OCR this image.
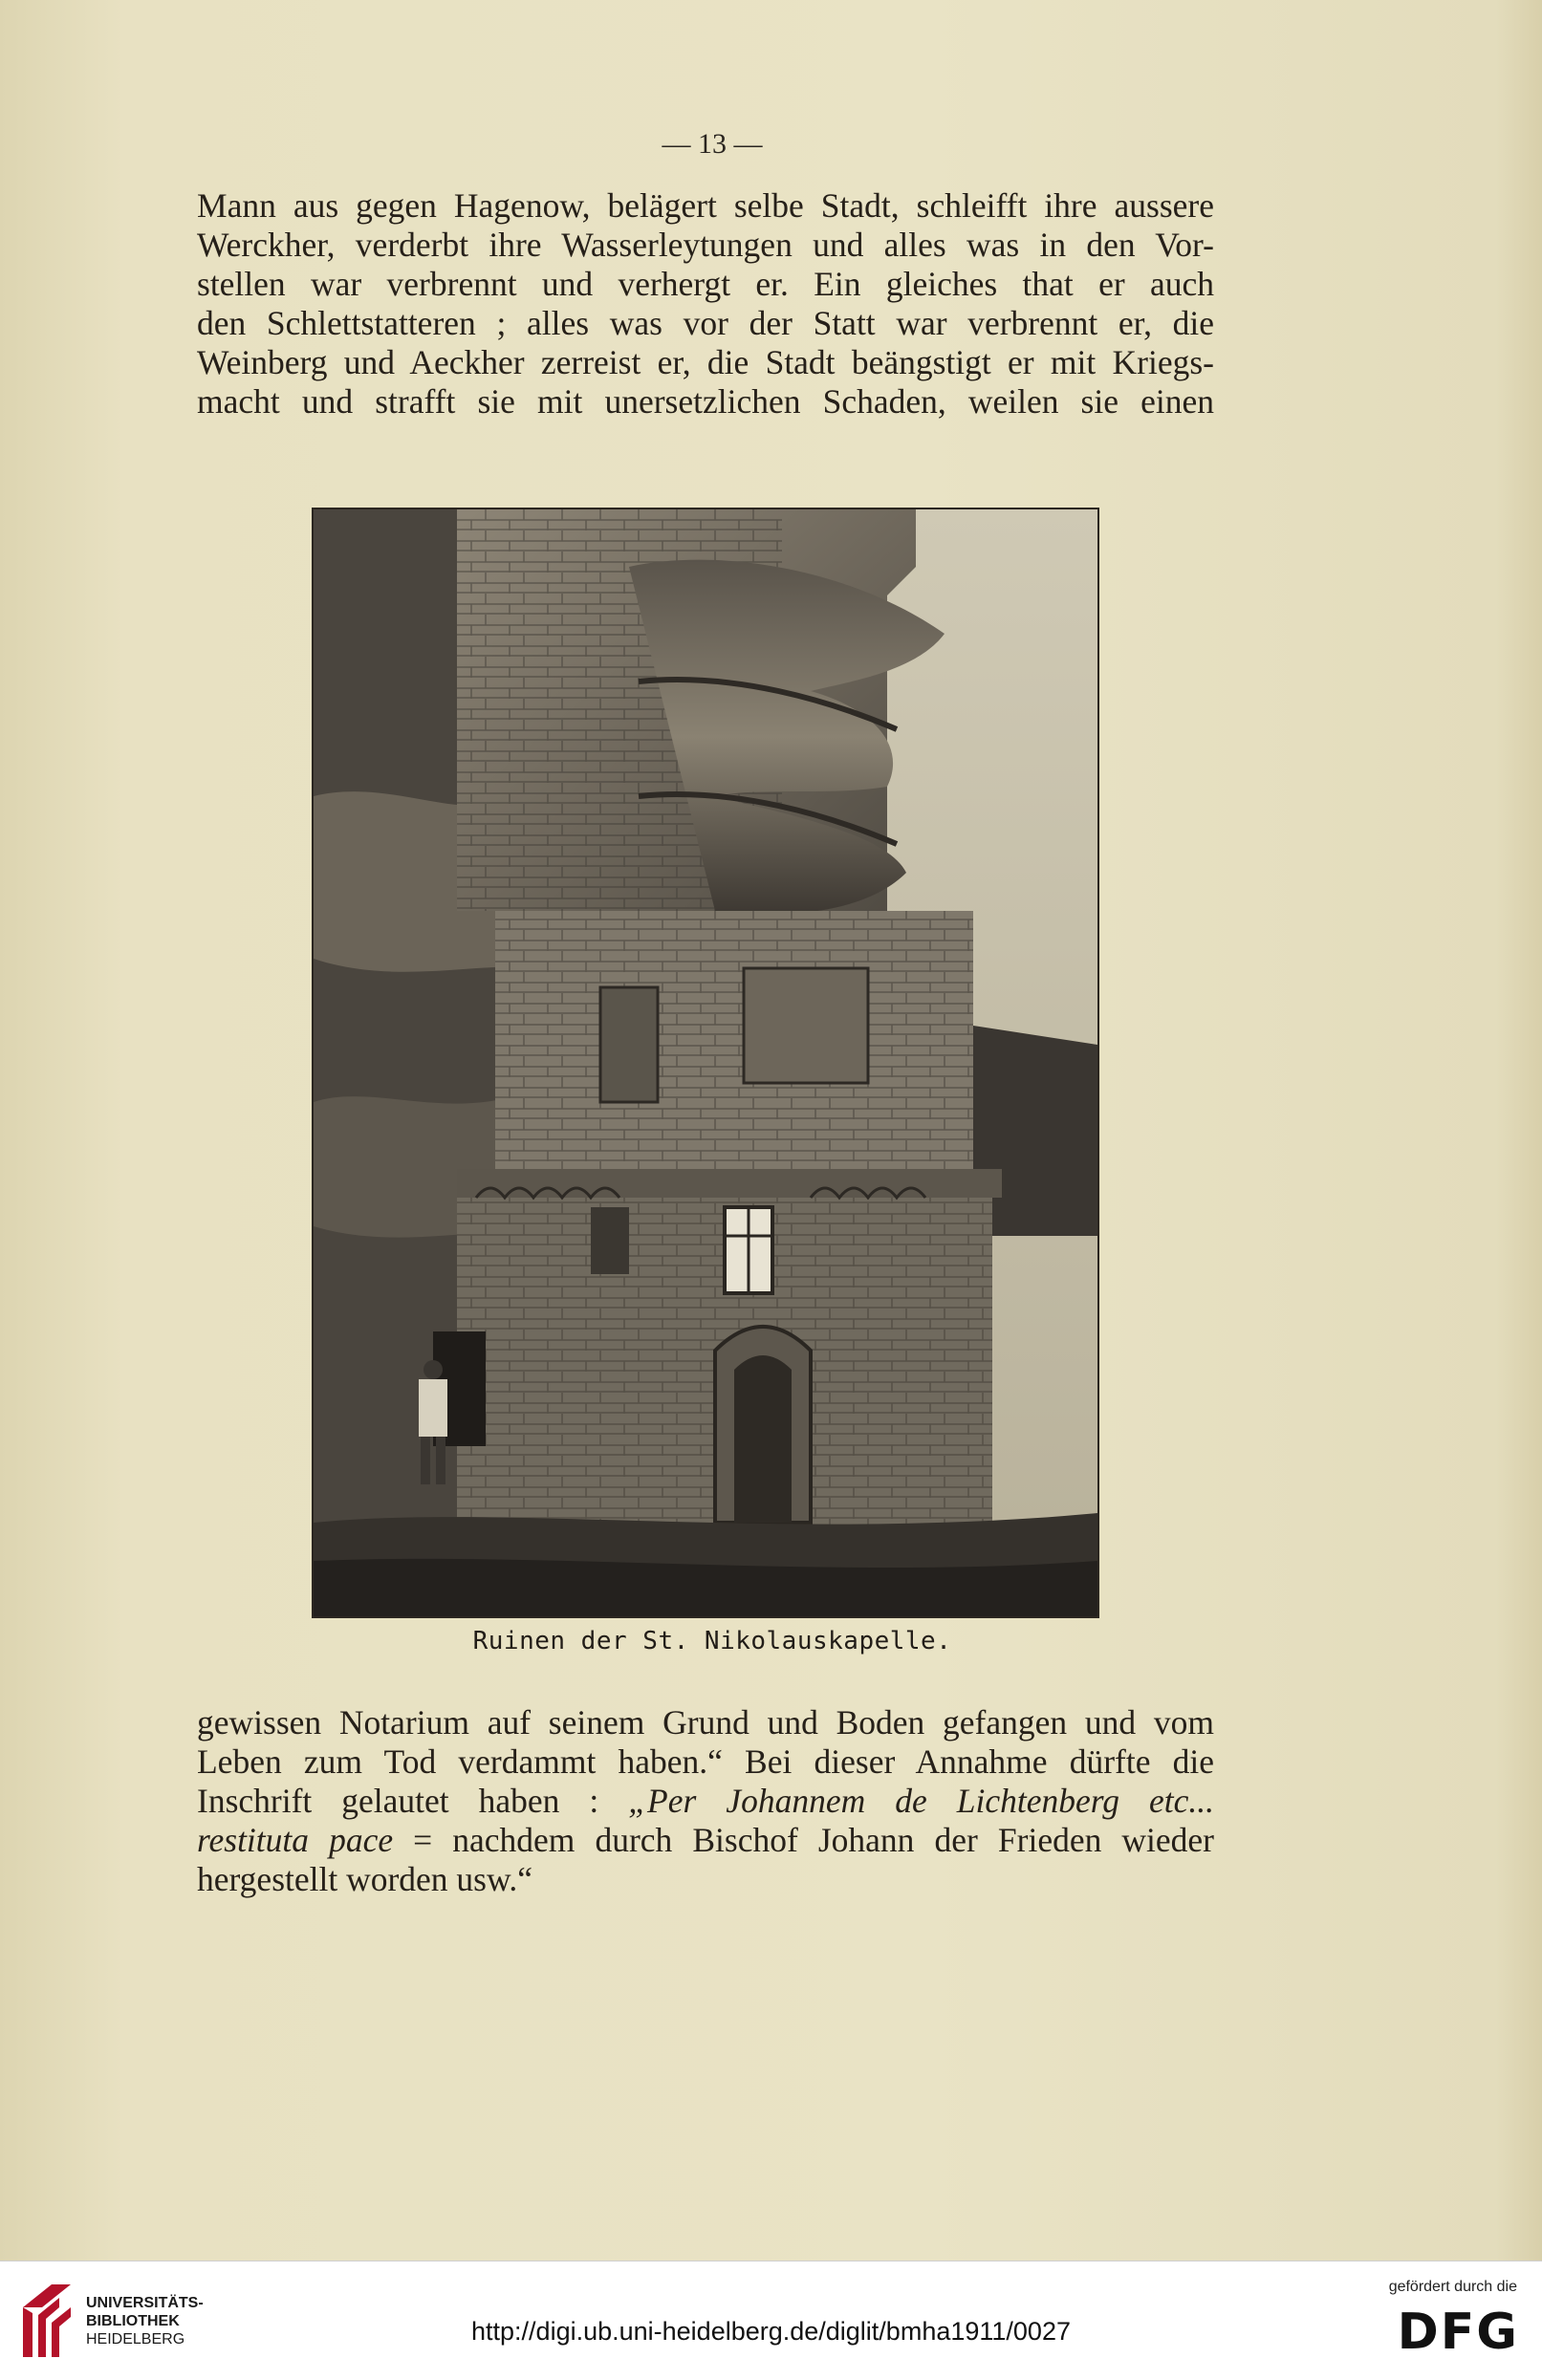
— 13 —
Mann aus gegen Hagenow, belägert selbe Stadt, schleifft ihre aussere
Werckher, verderbt ihre Wasserleytungen und alles was in den Vor-
stellen war verbrennt und verhergt er. Ein gleiches that er auch
den Schlettstatteren ; alles was vor der Statt war verbrennt er, die
Weinberg und Aeckher zerreist er, die Stadt beängstigt er mit Kriegs-
macht und strafft sie mit unersetzlichen Schaden, weilen sie einen
Ruinen der St. Nikolauskapelle.
gewissen Notarium auf seinem Grund und Boden gefangen und vom
Leben zum Tod verdammt haben.“ Bei dieser Annahme dürfte die
Inschrift gelautet haben : „Per Johannem de Lichtenberg etc...
restituta pace = nachdem durch Bischof Johann der Frieden wieder
hergestellt worden usw.“
UNIVERSITÄTS-
BIBLIOTHEK
HEIDELBERG	http://digi.ub.uni-heidelberg.de/diglit/bmha1911/0027
gefördert durch die
DFG
